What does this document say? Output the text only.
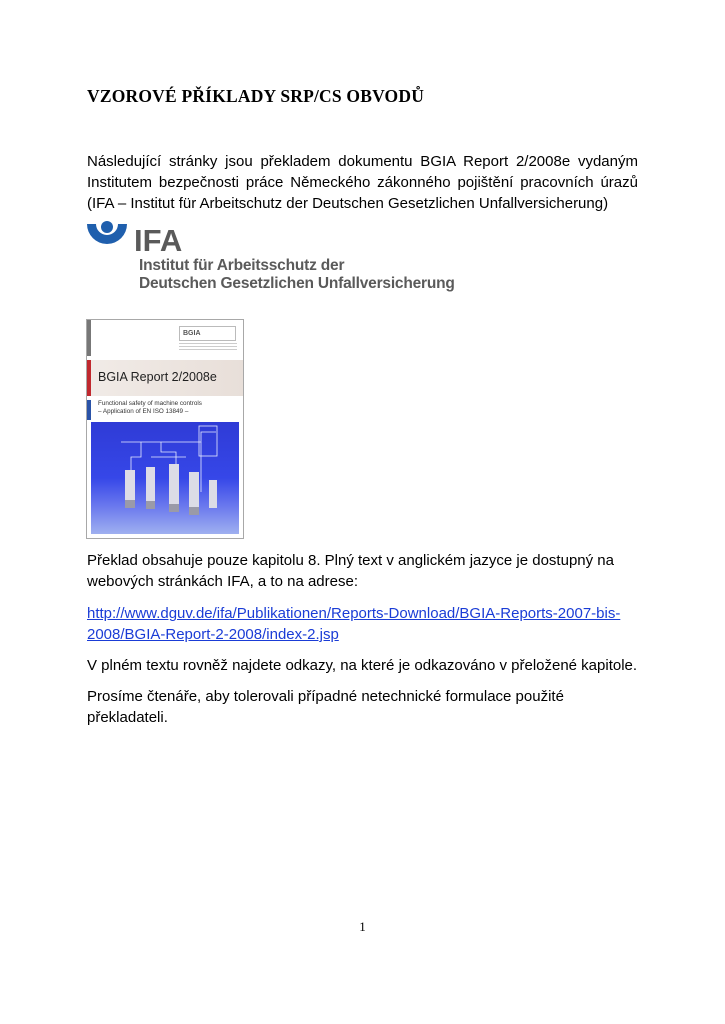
VZOROVÉ PŘÍKLADY SRP/CS OBVODŮ
Následující stránky jsou překladem dokumentu BGIA Report 2/2008e vydaným Institutem bezpečnosti práce Německého zákonného pojištění pracovních úrazů (IFA – Institut für Arbeitschutz der Deutschen Gesetzlichen Unfallversicherung)
IFA
Institut für Arbeitsschutz der
Deutschen Gesetzlichen Unfallversicherung
BGIA
BGIA Report 2/2008e
Functional safety of machine controls
– Application of EN ISO 13849 –
Překlad obsahuje pouze kapitolu 8. Plný text v anglickém jazyce je dostupný na webových stránkách IFA, a to na adrese:
http://www.dguv.de/ifa/Publikationen/Reports-Download/BGIA-Reports-2007-bis-2008/BGIA-Report-2-2008/index-2.jsp
V plném textu rovněž najdete odkazy, na které je odkazováno v přeložené kapitole.
Prosíme čtenáře, aby tolerovali případné netechnické formulace použité překladateli.
1
